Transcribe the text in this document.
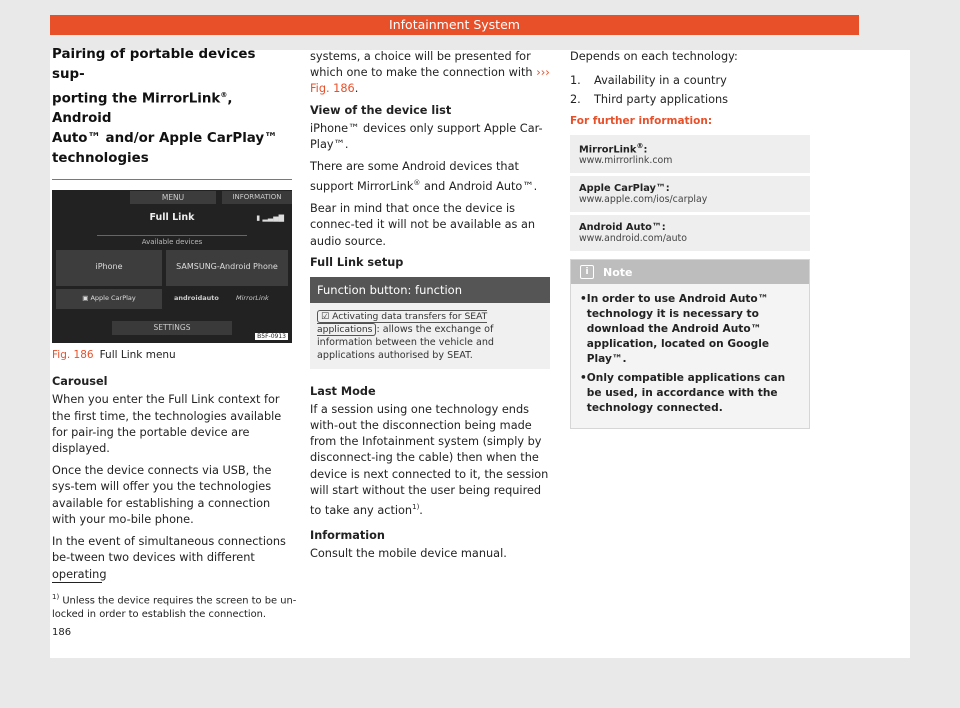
Infotainment System
Pairing of portable devices sup-
porting the MirrorLink®, Android
Auto™ and/or Apple CarPlay™
technologies
MENU	INFORMATION
Full Link	▮ ▂▃▅▇
Available devices
iPhone	SAMSUNG-Android Phone
▣ Apple CarPlay	androidauto	MirrorLink
SETTINGS
B5F-0913
Fig. 186 Full Link menu
Carousel

When you enter the Full Link context for the first time, the technologies available for pair-ing the portable device are displayed.

Once the device connects via USB, the sys-tem will offer you the technologies available for establishing a connection with your mo-bile phone.

In the event of simultaneous connections be-tween two devices with different operating

systems, a choice will be presented for which one to make the connection with ››› Fig. 186.

View of the device list

iPhone™ devices only support Apple Car-Play™.

There are some Android devices that support MirrorLink® and Android Auto™.

Bear in mind that once the device is connec-ted it will not be available as an audio source.

Full Link setup
Function button: function
☑ Activating data transfers for SEAT applications : allows the exchange of information between the vehicle and applications authorised by SEAT.
Last Mode

If a session using one technology ends with-out the disconnection being made from the Infotainment system (simply by disconnect-ing the cable) then when the device is next connected to it, the session will start without the user being required to take any action$^{1)}$.

Information

Consult the mobile device manual.

Depends on each technology:

1.	Availability in a country
2.	Third party applications
For further information:
MirrorLink®:
www.mirrorlink.com
Apple CarPlay™:
www.apple.com/ios/carplay
Android Auto™:
www.android.com/auto
i	Note
• In order to use Android Auto™ technology it is necessary to download the Android Auto™ application, located on Google Play™.
• Only compatible applications can be used, in accordance with the technology connected.
$^{1)}$ Unless the device requires the screen to be un-locked in order to establish the connection.
186
